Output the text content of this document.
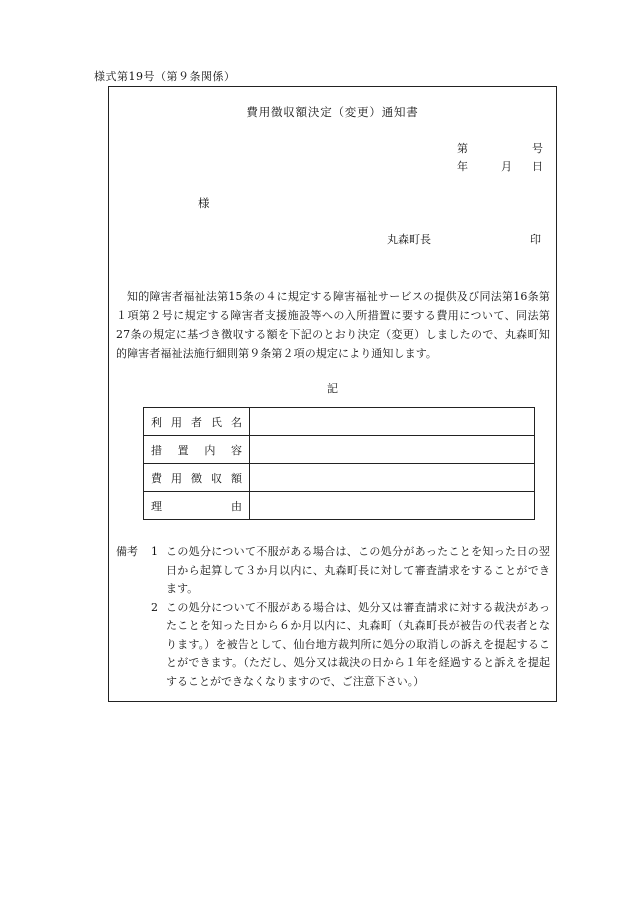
様式第19号（第９条関係）
費用徴収額決定（変更）通知書
第	号
年	月 日
様
丸森町長	印
知的障害者福祉法第15条の４に規定する障害福祉サービスの提供及び同法第16条第１項第２号に規定する障害者支援施設等への入所措置に要する費用について、同法第27条の規定に基づき徴収する額を下記のとおり決定（変更）しましたので、丸森町知的障害者福祉法施行細則第９条第２項の規定により通知します。
記
利 用 者 氏 名	

措 置 内 容	

費 用 徴 収 額	

理 由	

備考 1 この処分について不服がある場合は、この処分があったことを知った日の翌日から起算して３か月以内に、丸森町長に対して審査請求をすることができます。
2 この処分について不服がある場合は、処分又は審査請求に対する裁決があったことを知った日から６か月以内に、丸森町（丸森町長が被告の代表者となります。）を被告として、仙台地方裁判所に処分の取消しの訴えを提起することができます。（ただし、処分又は裁決の日から１年を経過すると訴えを提起することができなくなりますので、ご注意下さい。）
